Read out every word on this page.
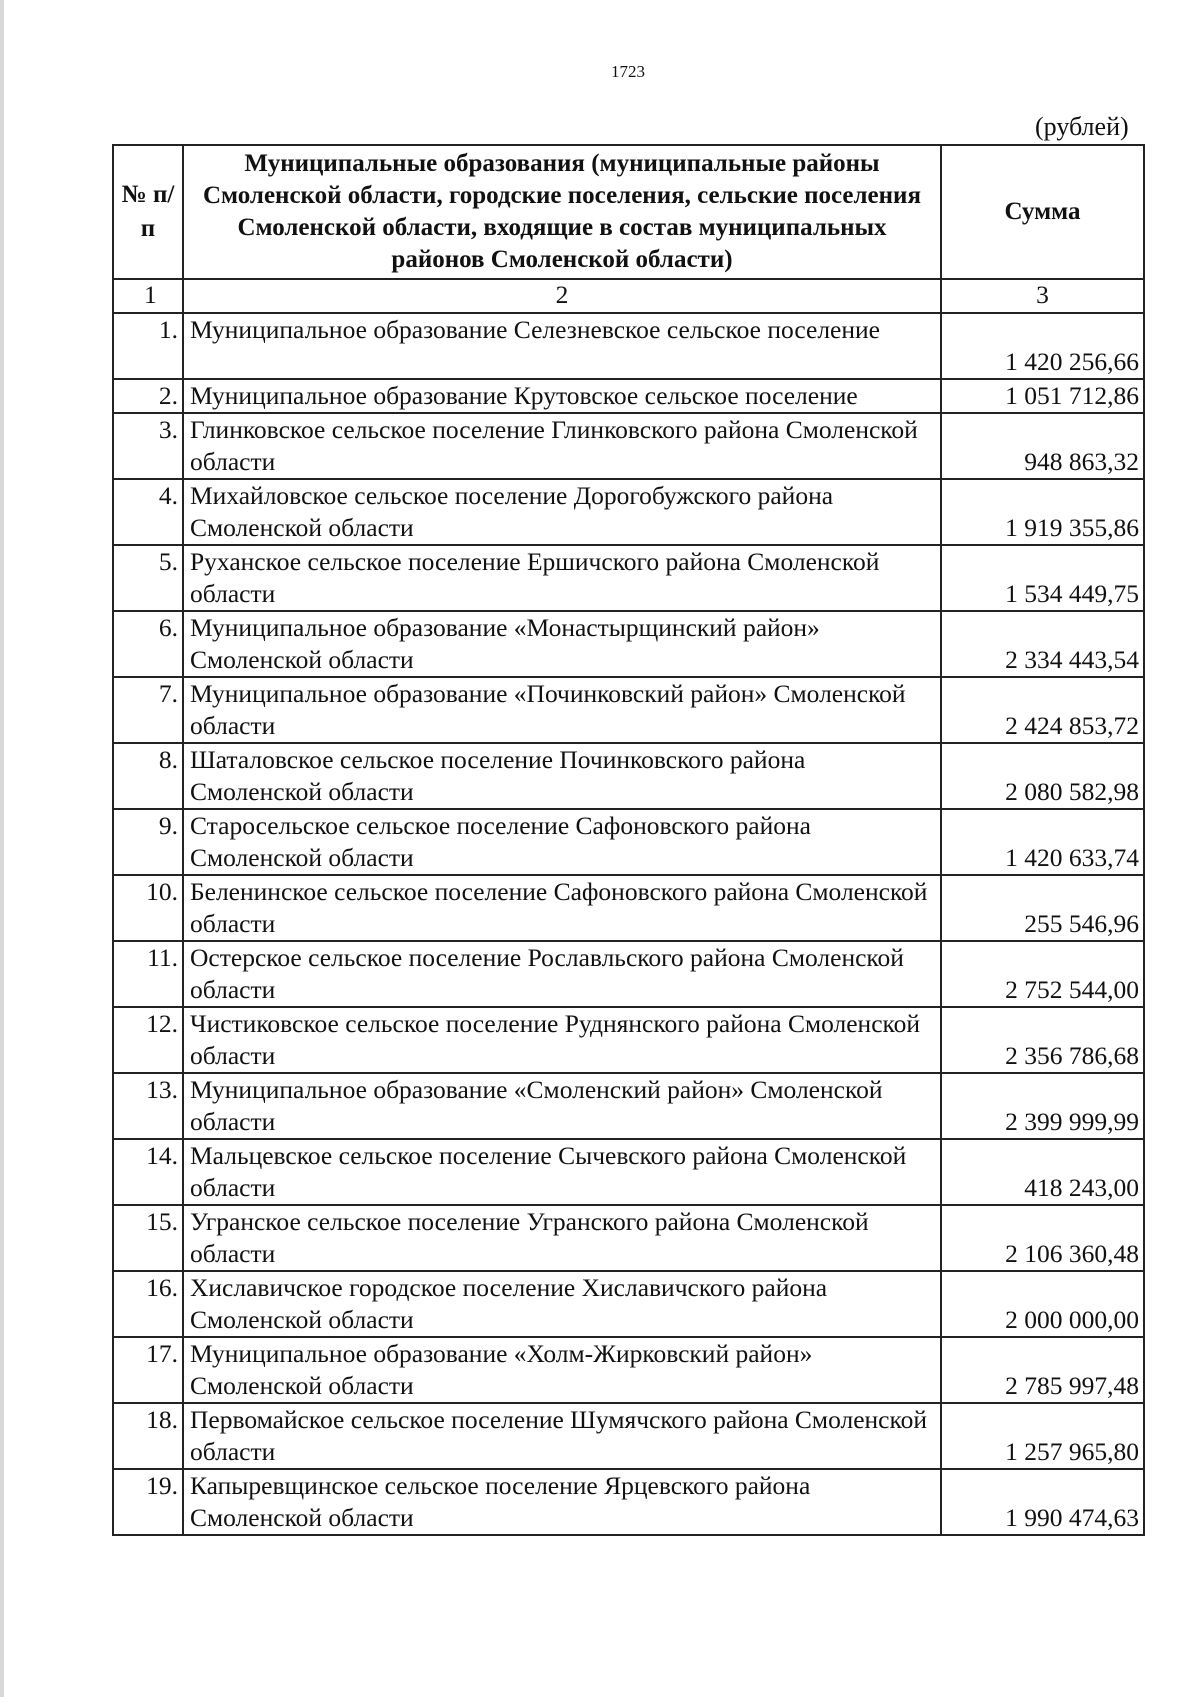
1723
(рублей)
№ п/п	Муниципальные образования (муниципальные районы Смоленской области, городские поселения, сельские поселения Смоленской области, входящие в состав муниципальных районов Смоленской области)	Сумма
1	2	3
1.	Муниципальное образование Селезневское сельское поселение	1 420 256,66
2.	Муниципальное образование Крутовское сельское поселение	1 051 712,86
3.	Глинковское сельское поселение Глинковского района Смоленской области	948 863,32
4.	Михайловское сельское поселение Дорогобужского района Смоленской области	1 919 355,86
5.	Руханское сельское поселение Ершичского района Смоленской области	1 534 449,75
6.	Муниципальное образование «Монастырщинский район» Смоленской области	2 334 443,54
7.	Муниципальное образование «Починковский район» Смоленской области	2 424 853,72
8.	Шаталовское сельское поселение Починковского района Смоленской области	2 080 582,98
9.	Старосельское сельское поселение Сафоновского района Смоленской области	1 420 633,74
10.	Беленинское сельское поселение Сафоновского района Смоленской области	255 546,96
11.	Остерское сельское поселение Рославльского района Смоленской области	2 752 544,00
12.	Чистиковское сельское поселение Руднянского района Смоленской области	2 356 786,68
13.	Муниципальное образование «Смоленский район» Смоленской области	2 399 999,99
14.	Мальцевское сельское поселение Сычевского района Смоленской области	418 243,00
15.	Угранское сельское поселение Угранского района Смоленской области	2 106 360,48
16.	Хиславичское городское поселение Хиславичского района Смоленской области	2 000 000,00
17.	Муниципальное образование «Холм-Жирковский район» Смоленской области	2 785 997,48
18.	Первомайское сельское поселение Шумячского района Смоленской области	1 257 965,80
19.	Капыревщинское сельское поселение Ярцевского района Смоленской области	1 990 474,63
